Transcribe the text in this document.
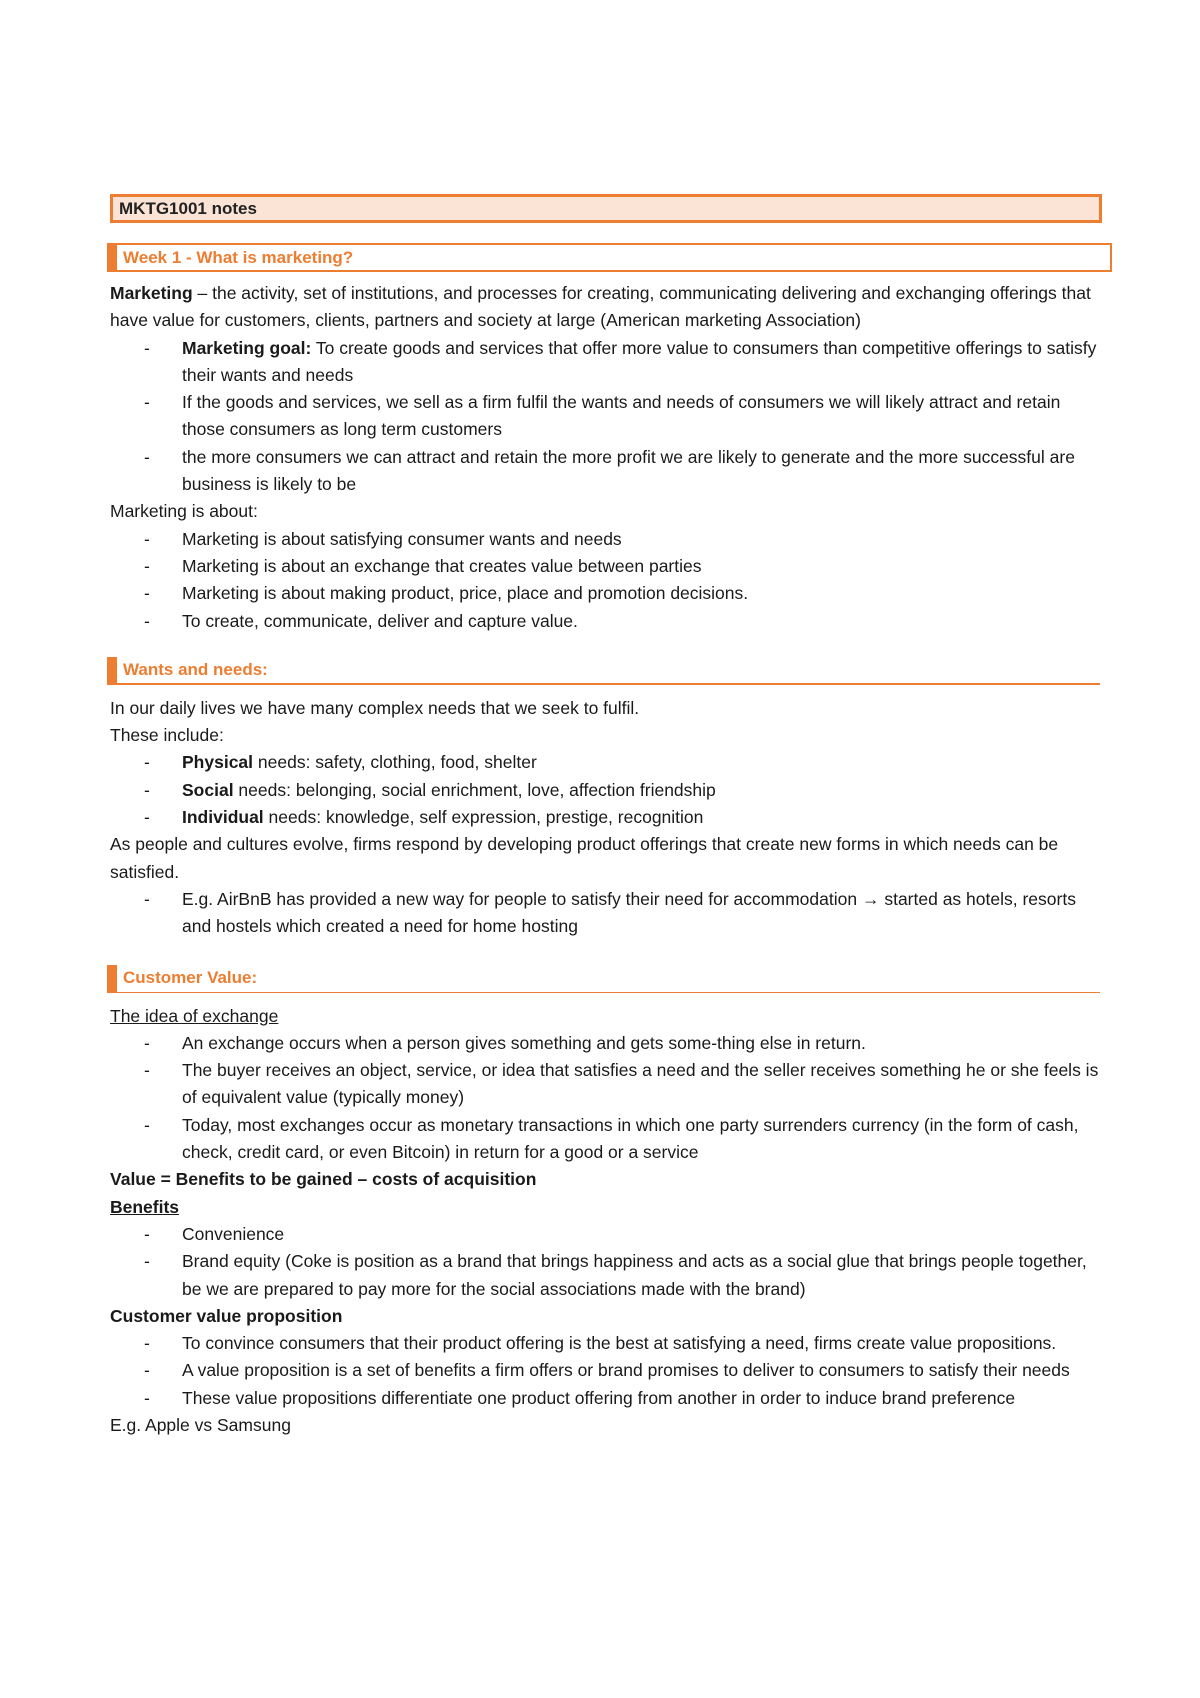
MKTG1001 notes
Week 1 - What is marketing?

Marketing – the activity, set of institutions, and processes for creating, communicating delivering and exchanging offerings that have value for customers, clients, partners and society at large (American marketing Association)

- Marketing goal: To create goods and services that offer more value to consumers than competitive offerings to satisfy their wants and needs
- If the goods and services, we sell as a firm fulfil the wants and needs of consumers we will likely attract and retain those consumers as long term customers
- the more consumers we can attract and retain the more profit we are likely to generate and the more successful are business is likely to be

Marketing is about:

- Marketing is about satisfying consumer wants and needs
- Marketing is about an exchange that creates value between parties
- Marketing is about making product, price, place and promotion decisions.
- To create, communicate, deliver and capture value.
Wants and needs:

In our daily lives we have many complex needs that we seek to fulfil.

These include:

- Physical needs: safety, clothing, food, shelter
- Social needs: belonging, social enrichment, love, affection friendship
- Individual needs: knowledge, self expression, prestige, recognition

As people and cultures evolve, firms respond by developing product offerings that create new forms in which needs can be satisfied.

- E.g. AirBnB has provided a new way for people to satisfy their need for accommodation → started as hotels, resorts and hostels which created a need for home hosting
Customer Value:

The idea of exchange

- An exchange occurs when a person gives something and gets some-thing else in return.
- The buyer receives an object, service, or idea that satisfies a need and the seller receives something he or she feels is of equivalent value (typically money)
- Today, most exchanges occur as monetary transactions in which one party surrenders currency (in the form of cash, check, credit card, or even Bitcoin) in return for a good or a service

Value = Benefits to be gained – costs of acquisition

Benefits

- Convenience
- Brand equity (Coke is position as a brand that brings happiness and acts as a social glue that brings people together, be we are prepared to pay more for the social associations made with the brand)

Customer value proposition

- To convince consumers that their product offering is the best at satisfying a need, firms create value propositions.
- A value proposition is a set of benefits a firm offers or brand promises to deliver to consumers to satisfy their needs
- These value propositions differentiate one product offering from another in order to induce brand preference

E.g. Apple vs Samsung
